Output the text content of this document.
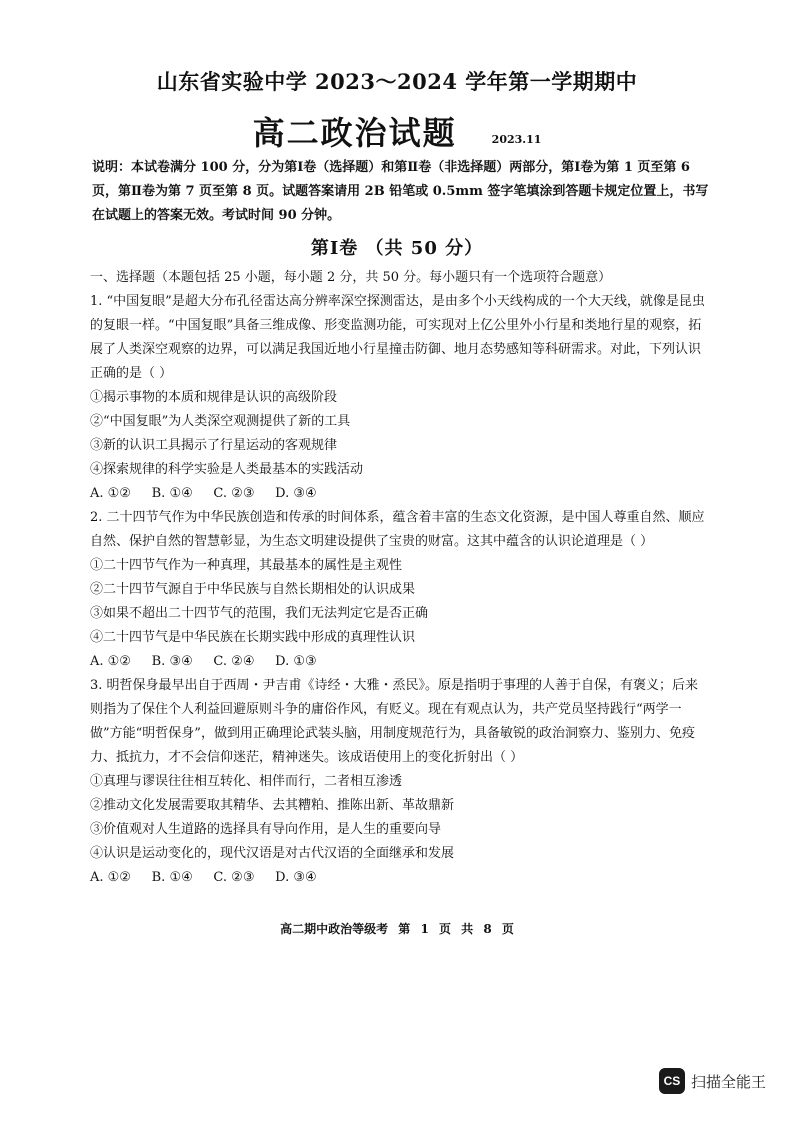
山东省实验中学 2023～2024 学年第一学期期中
高二政治试题	2023.11

说明：本试卷满分 100 分，分为第Ⅰ卷（选择题）和第Ⅱ卷（非选择题）两部分，第Ⅰ卷为第 1 页至第 6 页，第Ⅱ卷为第 7 页至第 8 页。试题答案请用 2B 铅笔或 0.5mm 签字笔填涂到答题卡规定位置上，书写在试题上的答案无效。考试时间 90 分钟。

第Ⅰ卷 （共 50 分）

一、选择题（本题包括 25 小题，每小题 2 分，共 50 分。每小题只有一个选项符合题意）

1. “中国复眼”是超大分布孔径雷达高分辨率深空探测雷达，是由多个小天线构成的一个大天线，就像是昆虫的复眼一样。“中国复眼”具备三维成像、形变监测功能，可实现对上亿公里外小行星和类地行星的观察，拓展了人类深空观察的边界，可以满足我国近地小行星撞击防御、地月态势感知等科研需求。对此，下列认识正确的是（ ）

①揭示事物的本质和规律是认识的高级阶段

②“中国复眼”为人类深空观测提供了新的工具

③新的认识工具揭示了行星运动的客观规律

④探索规律的科学实验是人类最基本的实践活动

A. ①②     B. ①④     C. ②③     D. ③④

2. 二十四节气作为中华民族创造和传承的时间体系，蕴含着丰富的生态文化资源，是中国人尊重自然、顺应自然、保护自然的智慧彰显，为生态文明建设提供了宝贵的财富。这其中蕴含的认识论道理是（ ）

①二十四节气作为一种真理，其最基本的属性是主观性

②二十四节气源自于中华民族与自然长期相处的认识成果

③如果不超出二十四节气的范围，我们无法判定它是否正确

④二十四节气是中华民族在长期实践中形成的真理性认识

A. ①②     B. ③④     C. ②④     D. ①③

3. 明哲保身最早出自于西周・尹吉甫《诗经・大雅・烝民》。原是指明于事理的人善于自保，有褒义；后来则指为了保住个人利益回避原则斗争的庸俗作风，有贬义。现在有观点认为，共产党员坚持践行“两学一做”方能“明哲保身”，做到用正确理论武装头脑，用制度规范行为，具备敏锐的政治洞察力、鉴别力、免疫力、抵抗力，才不会信仰迷茫，精神迷失。该成语使用上的变化折射出（ ）

①真理与谬误往往相互转化、相伴而行，二者相互渗透

②推动文化发展需要取其精华、去其糟粕、推陈出新、革故鼎新

③价值观对人生道路的选择具有导向作用，是人生的重要向导

④认识是运动变化的，现代汉语是对古代汉语的全面继承和发展

A. ①②     B. ①④     C. ②③     D. ③④

高二期中政治等级考 第 1 页 共 8 页
CS 扫描全能王
